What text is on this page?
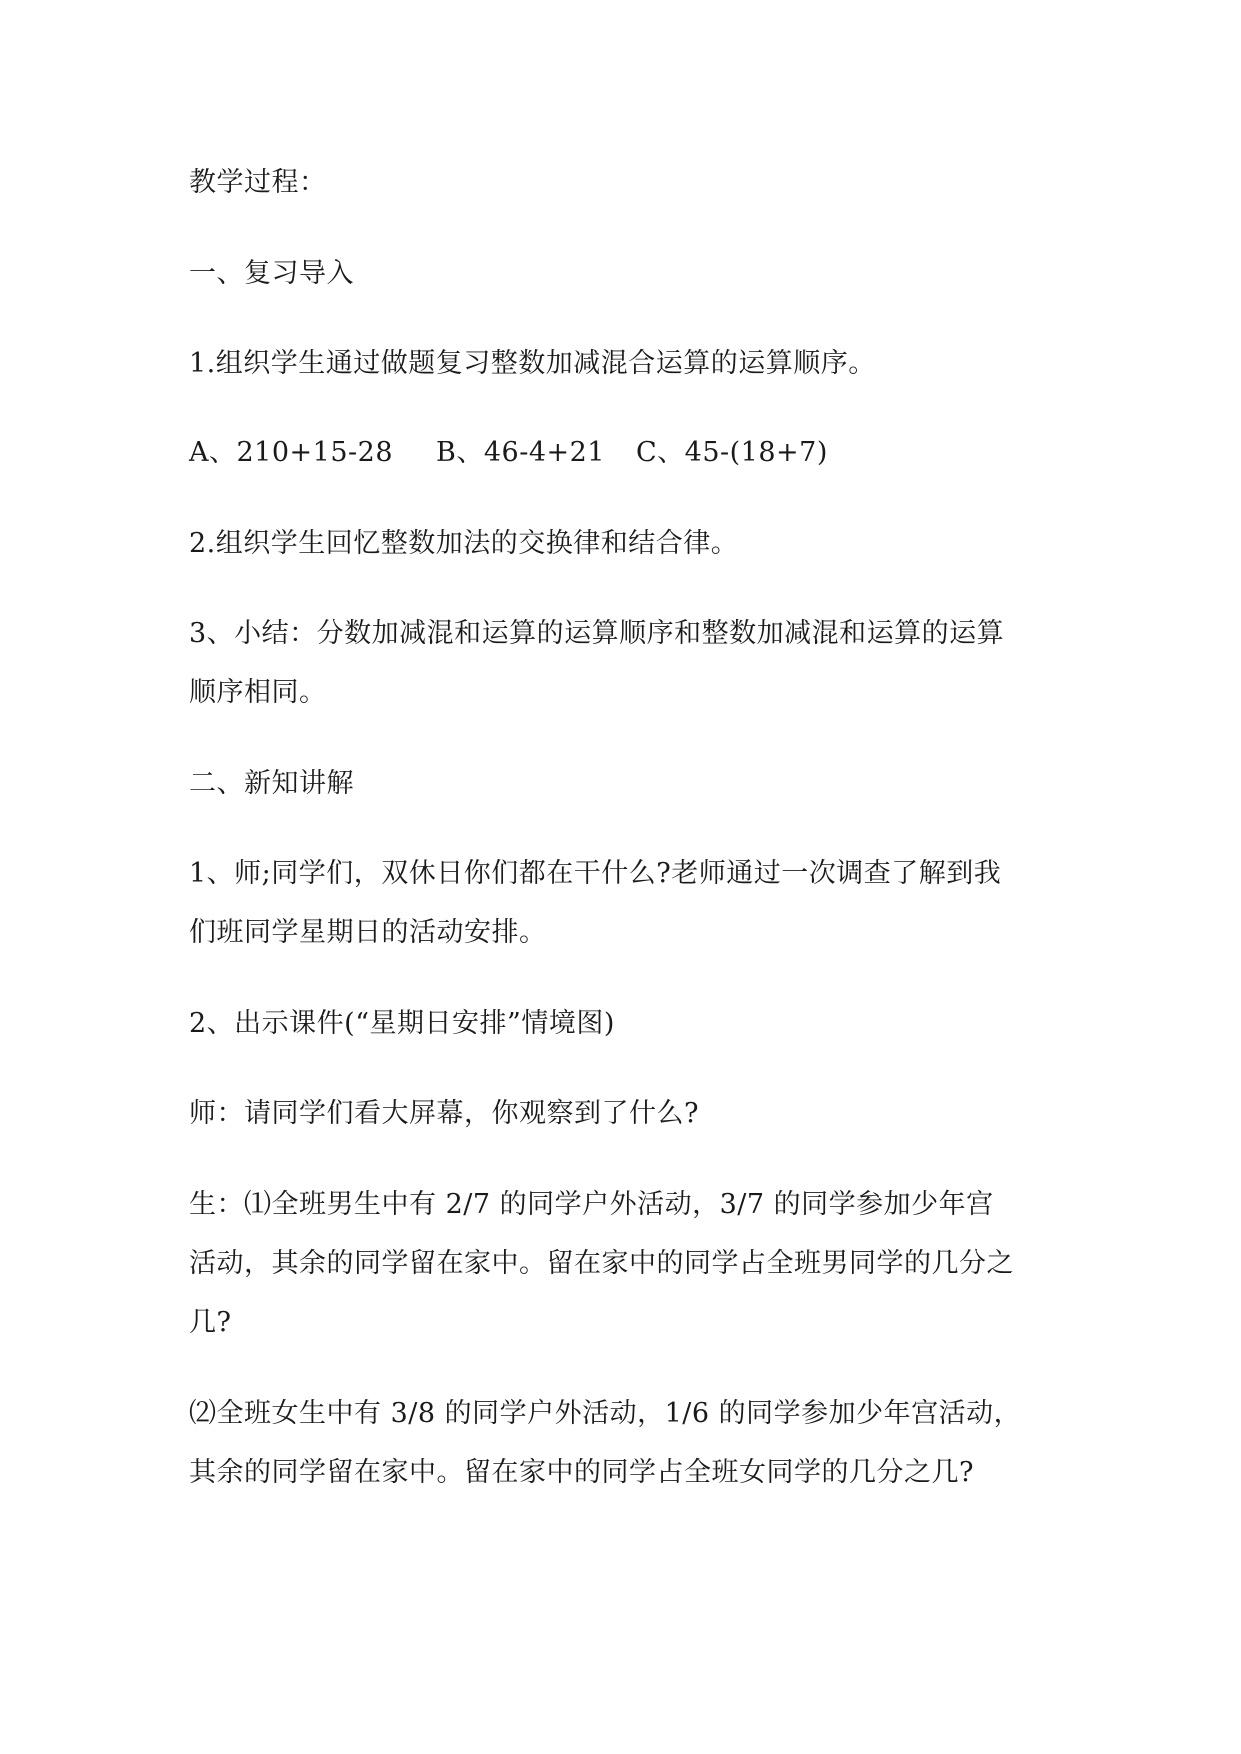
教学过程：

一、复习导入

1.组织学生通过做题复习整数加减混合运算的运算顺序。

A、210+15-28 B、46-4+21 C、45-(18+7)

2.组织学生回忆整数加法的交换律和结合律。

3、小结：分数加减混和运算的运算顺序和整数加减混和运算的运算

顺序相同。

二、新知讲解

1、师;同学们，双休日你们都在干什么?老师通过一次调查了解到我

们班同学星期日的活动安排。

2、出示课件(“星期日安排”情境图)

师：请同学们看大屏幕，你观察到了什么?

生：⑴全班男生中有 2/7 的同学户外活动，3/7 的同学参加少年宫

活动，其余的同学留在家中。留在家中的同学占全班男同学的几分之

几?

⑵全班女生中有 3/8 的同学户外活动，1/6 的同学参加少年宫活动，

其余的同学留在家中。留在家中的同学占全班女同学的几分之几?
